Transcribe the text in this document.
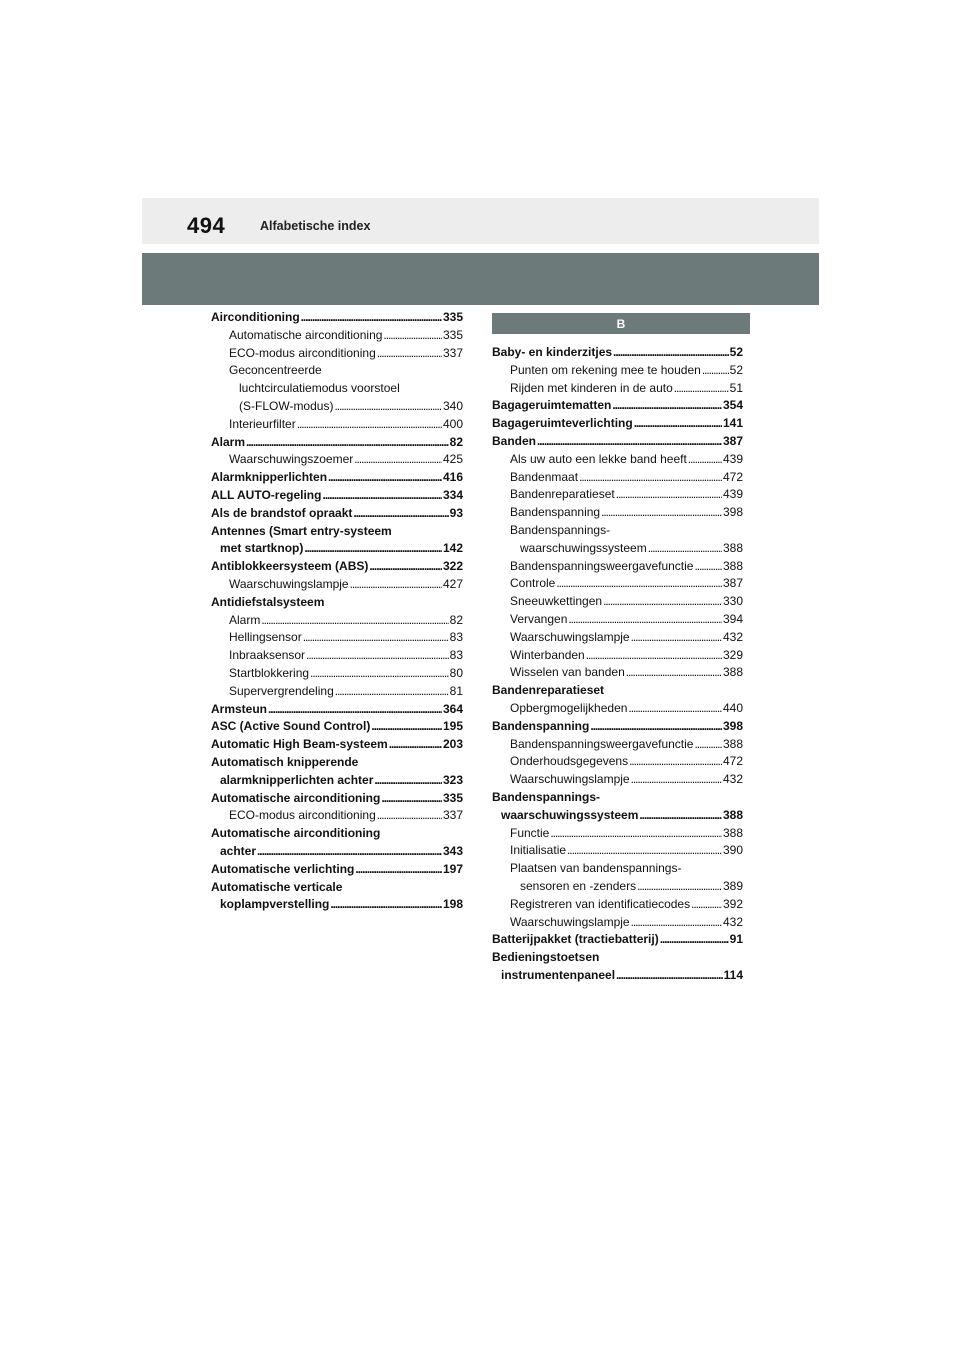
494	Alfabetische index
Airconditioning . . .	335
Automatische airconditioning . . .	335
ECO-modus airconditioning . . .	337
Geconcentreerde
luchtcirculatiemodus voorstoel
(S-FLOW-modus) . . .	340
Interieurfilter . . .	400
Alarm . . .	82
Waarschuwingszoemer . . .	425
Alarmknipperlichten . . .	416
ALL AUTO-regeling . . .	334
Als de brandstof opraakt . . .	93
Antennes (Smart entry-systeem
met startknop) . . .	142
Antiblokkeersysteem (ABS) . . .	322
Waarschuwingslampje . . .	427
Antidiefstalsysteem
Alarm . . .	82
Hellingsensor . . .	83
Inbraaksensor . . .	83
Startblokkering . . .	80
Supervergrendeling . . .	81
Armsteun . . .	364
ASC (Active Sound Control) . . .	195
Automatic High Beam-systeem . . .	203
Automatisch knipperende
alarmknipperlichten achter . . .	323
Automatische airconditioning . . .	335
ECO-modus airconditioning . . .	337
Automatische airconditioning
achter . . .	343
Automatische verlichting . . .	197
Automatische verticale
koplampverstelling . . .	198
B
Baby- en kinderzitjes . . .	52
Punten om rekening mee te houden . . . 52
Rijden met kinderen in de auto . . .	51
Bagageruimtematten . . .	354
Bagageruimteverlichting . . .	141
Banden . . .	387
Als uw auto een lekke band heeft . . .	439
Bandenmaat . . .	472
Bandenreparatieset . . .	439
Bandenspanning . . .	398
Bandenspannings-
waarschuwingssysteem . . .	388
Bandenspanningsweergavefunctie . . . 388
Controle . . .	387
Sneeuwkettingen . . .	330
Vervangen . . .	394
Waarschuwingslampje . . .	432
Winterbanden . . .	329
Wisselen van banden . . .	388
Bandenreparatieset
Opbergmogelijkheden . . .	440
Bandenspanning . . .	398
Bandenspanningsweergavefunctie . . . 388
Onderhoudsgegevens . . .	472
Waarschuwingslampje . . .	432
Bandenspannings-
waarschuwingssysteem . . .	388
Functie . . .	388
Initialisatie . . .	390
Plaatsen van bandenspannings-
sensoren en -zenders . . .	389
Registreren van identificatiecodes . . .	392
Waarschuwingslampje . . .	432
Batterijpakket (tractiebatterij) . . .	91
Bedieningstoetsen
instrumentenpaneel . . .	114
